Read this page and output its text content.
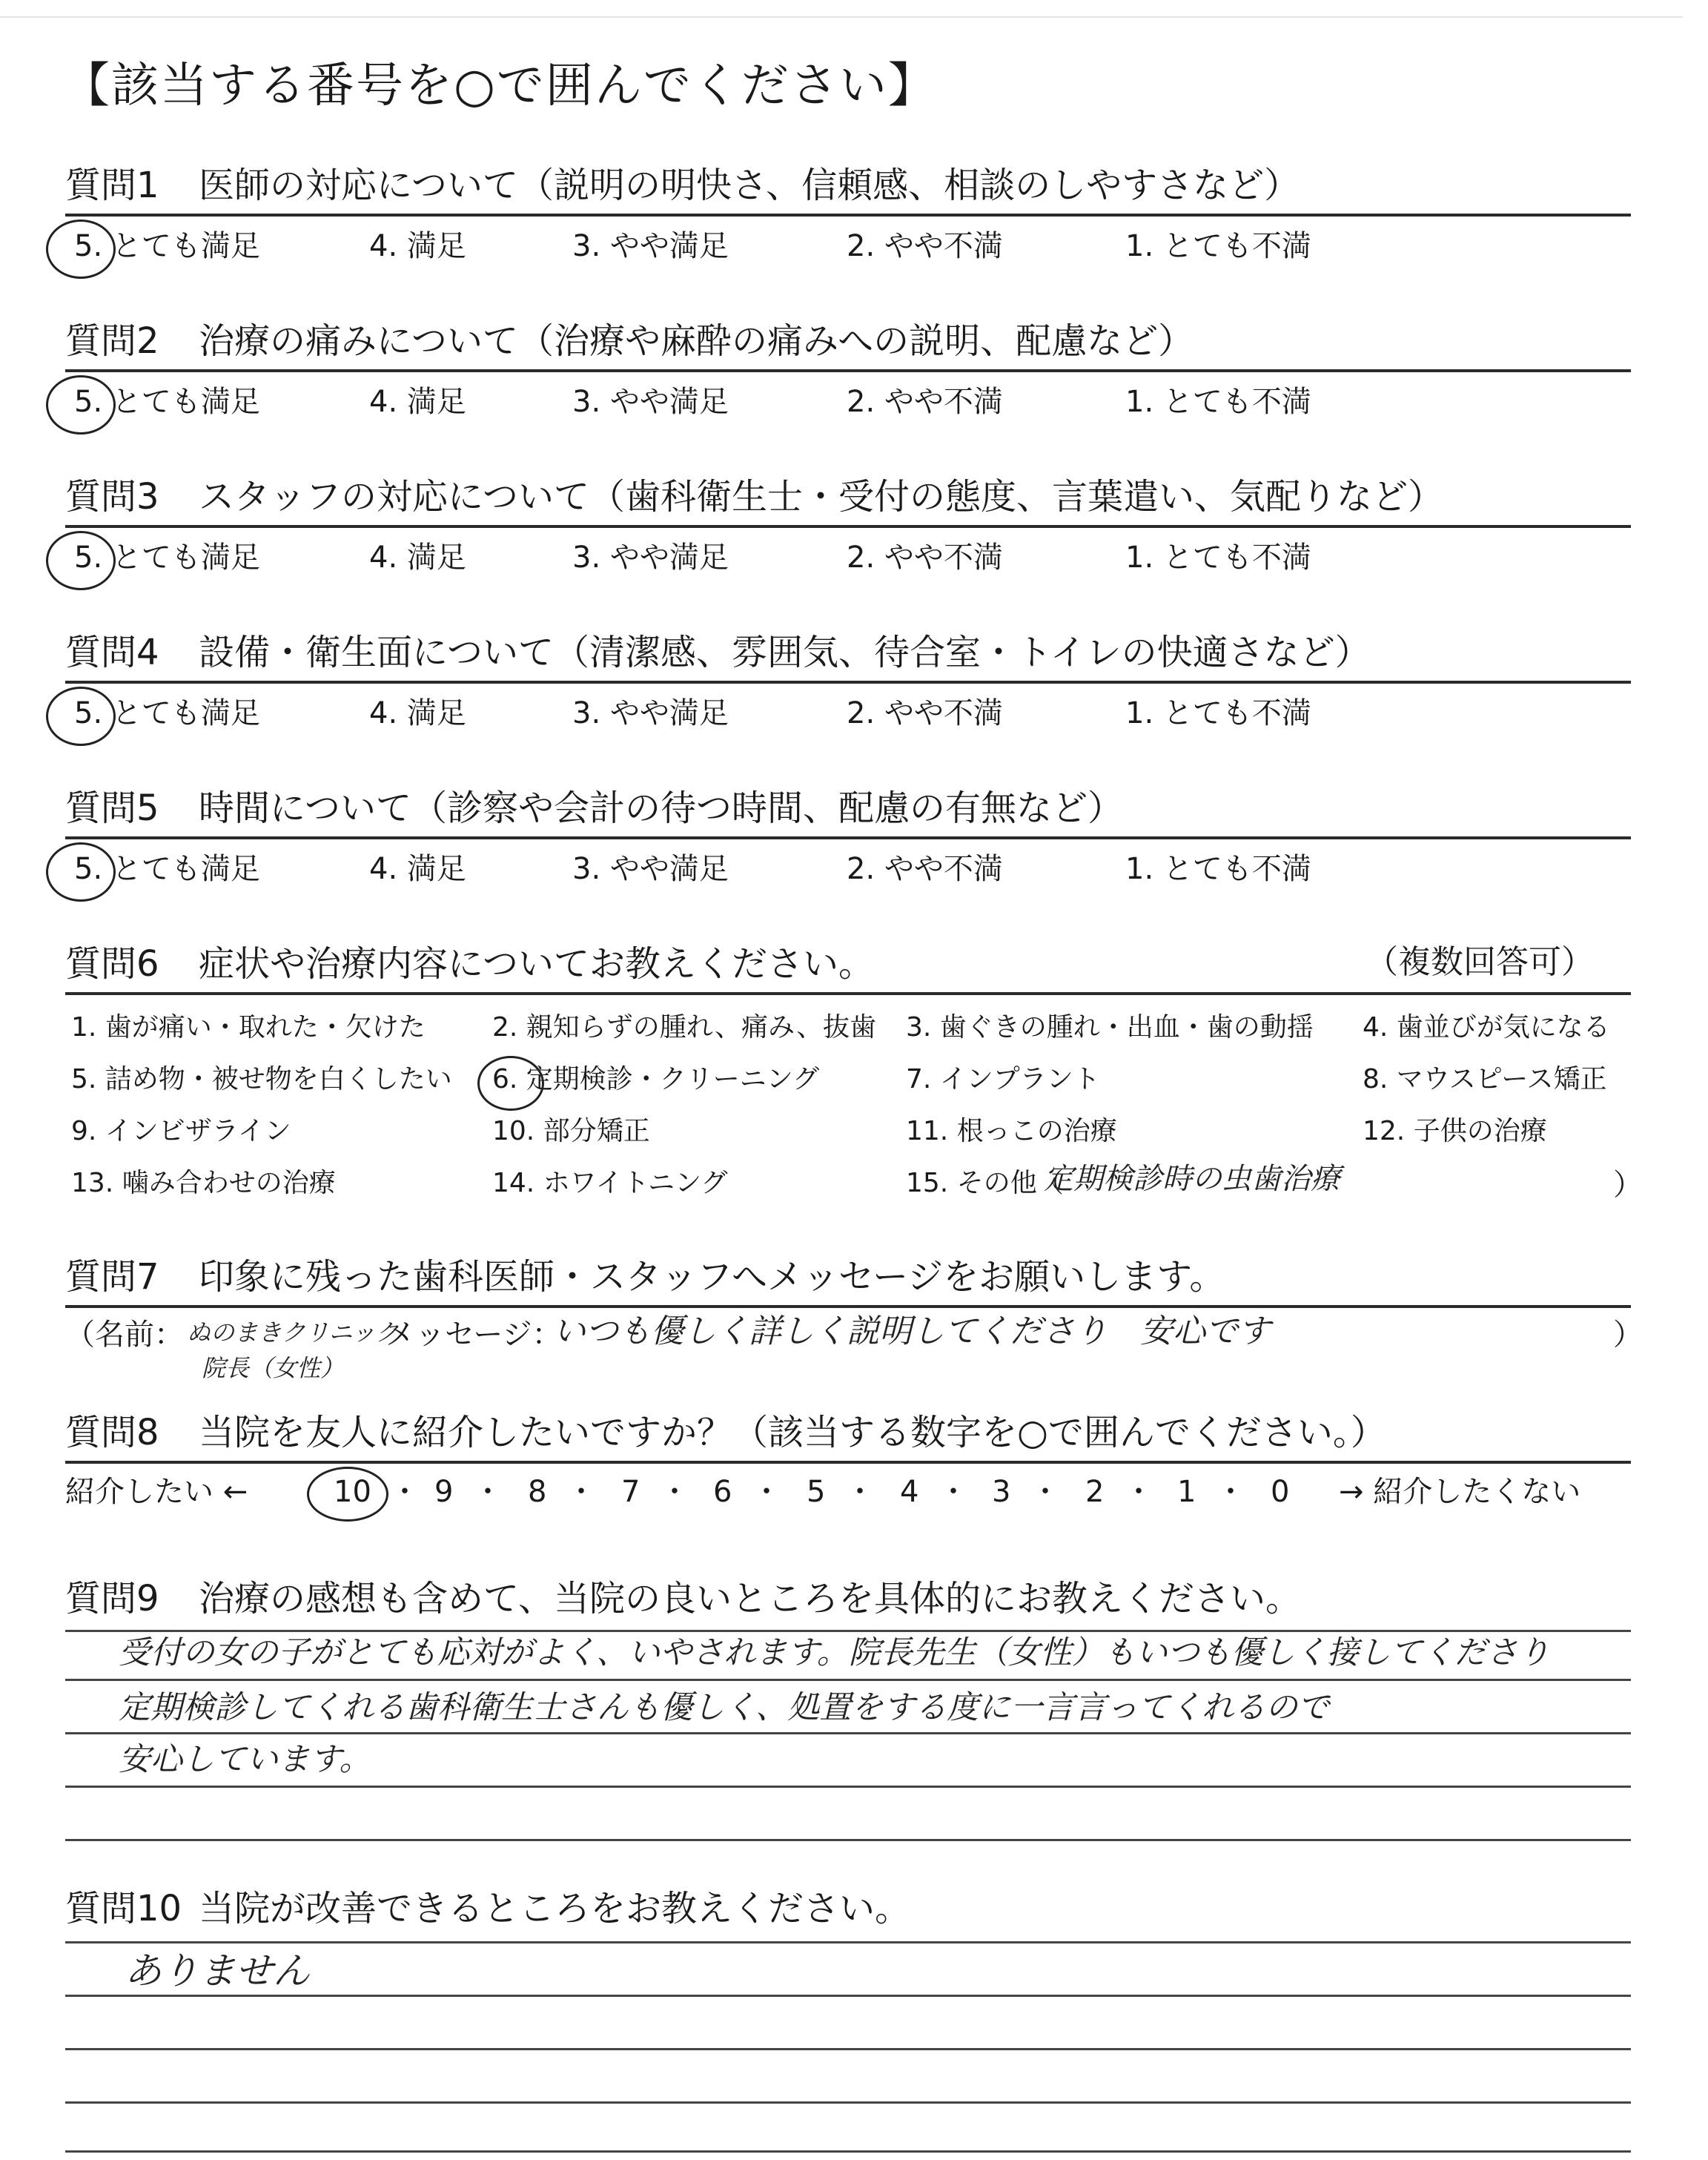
【該当する番号を○で囲んでください】
質問1 医師の対応について（説明の明快さ、信頼感、相談のしやすさなど）
5. とても満足	4. 満足	3. やや満足	2. やや不満	1. とても不満
質問2 治療の痛みについて（治療や麻酔の痛みへの説明、配慮など）
5. とても満足	4. 満足	3. やや満足	2. やや不満	1. とても不満
質問3 スタッフの対応について（歯科衛生士・受付の態度、言葉遣い、気配りなど）
5. とても満足	4. 満足	3. やや満足	2. やや不満	1. とても不満
質問4 設備・衛生面について（清潔感、雰囲気、待合室・トイレの快適さなど）
5. とても満足	4. 満足	3. やや満足	2. やや不満	1. とても不満
質問5 時間について（診察や会計の待つ時間、配慮の有無など）
5. とても満足	4. 満足	3. やや満足	2. やや不満	1. とても不満
質問6 症状や治療内容についてお教えください。	（複数回答可）
1. 歯が痛い・取れた・欠けた	2. 親知らずの腫れ、痛み、抜歯 3. 歯ぐきの腫れ・出血・歯の動揺 4. 歯並びが気になる
5. 詰め物・被せ物を白くしたい 6. 定期検診・クリーニング	7. インプラント	8. マウスピース矯正
9. インビザライン	10. 部分矯正	11. 根っこの治療	12. 子供の治療
13. 噛み合わせの治療	14. ホワイトニング	15. その他（
定期検診時の虫歯治療	）
質問7 印象に残った歯科医師・スタッフへメッセージをお願いします。
（名前： ぬのまきクリニック
院長（女性）
メッセージ：
いつも優しく詳しく説明してくださり　安心です	）
質問8 当院を友人に紹介したいですか？（該当する数字を○で囲んでください。）
紹介したい ←	10 ・ 9 ・ 8 ・ 7 ・ 6 ・ 5 ・ 4 ・ 3 ・ 2 ・ 1 ・ 0 → 紹介したくない
質問9 治療の感想も含めて、当院の良いところを具体的にお教えください。
受付の女の子がとても応対がよく、いやされます。院長先生（女性）もいつも優しく接してくださり
定期検診してくれる歯科衛生士さんも優しく、処置をする度に一言言ってくれるので
安心しています。
質問10 当院が改善できるところをお教えください。
ありません
